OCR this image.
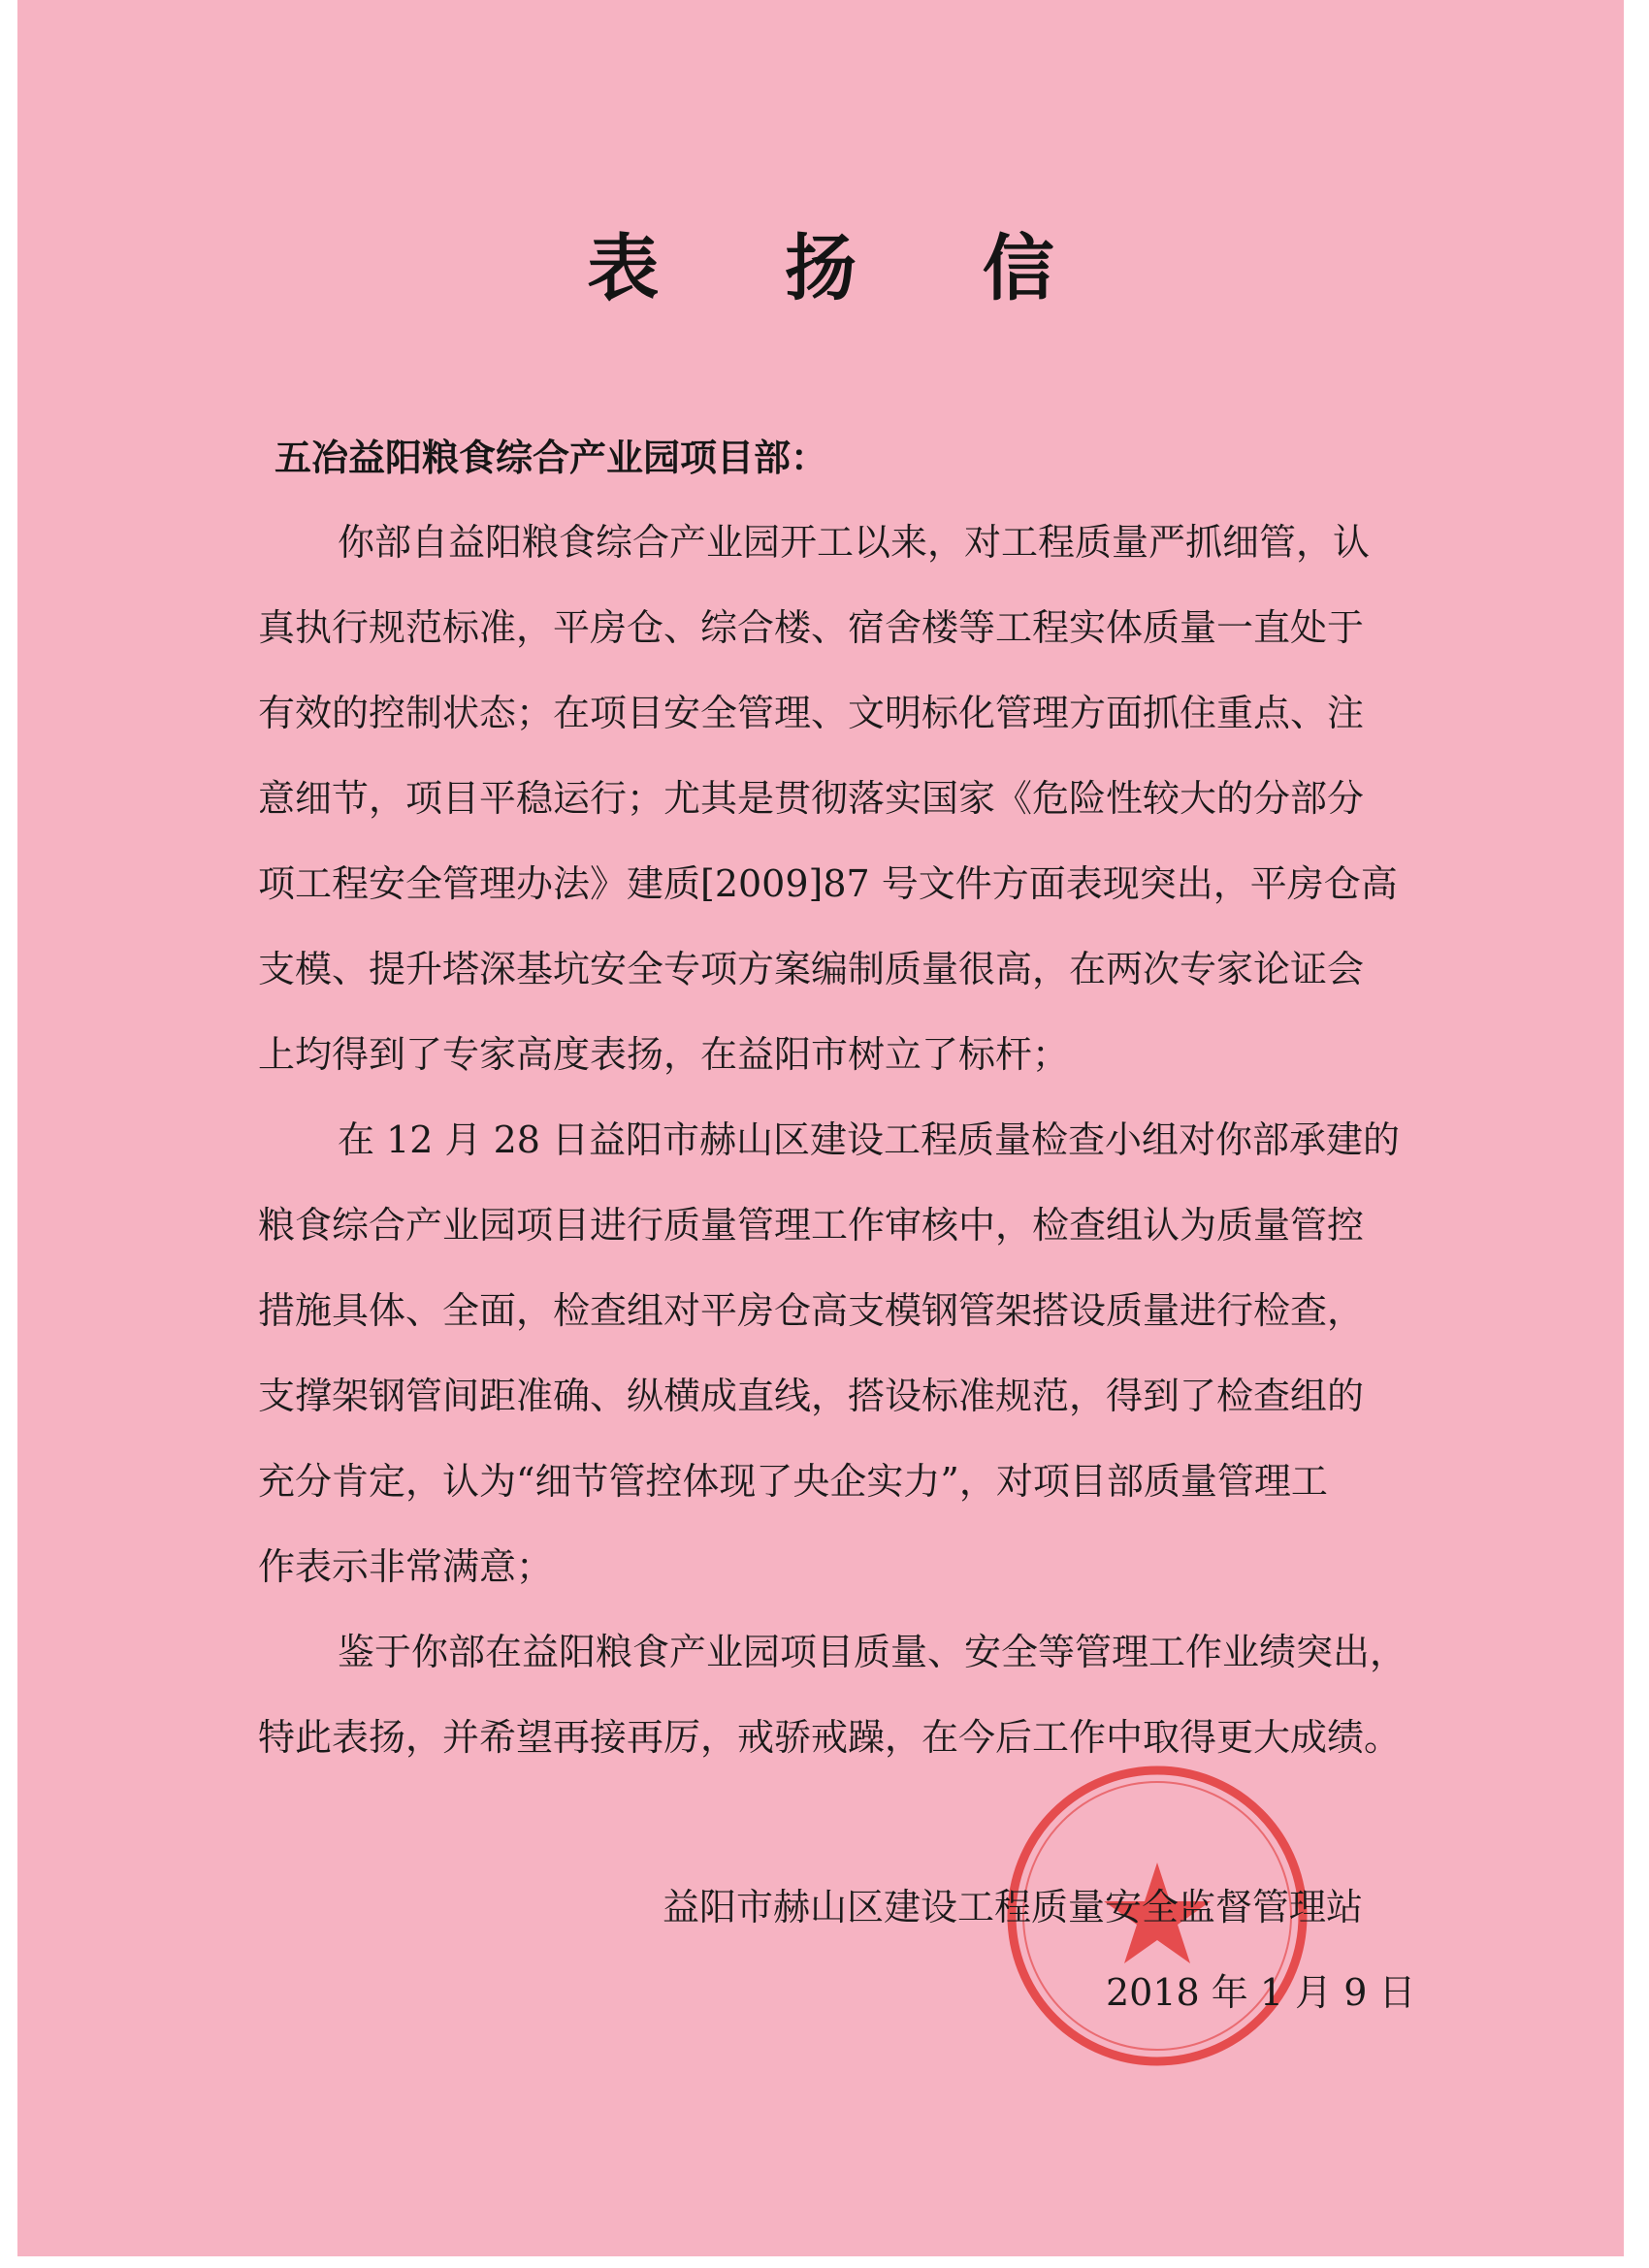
表 扬 信
五冶益阳粮食综合产业园项目部：
你部自益阳粮食综合产业园开工以来，对工程质量严抓细管，认
真执行规范标准，平房仓、综合楼、宿舍楼等工程实体质量一直处于
有效的控制状态；在项目安全管理、文明标化管理方面抓住重点、注
意细节，项目平稳运行；尤其是贯彻落实国家《危险性较大的分部分
项工程安全管理办法》建质[2009]87 号文件方面表现突出，平房仓高
支模、提升塔深基坑安全专项方案编制质量很高，在两次专家论证会
上均得到了专家高度表扬，在益阳市树立了标杆；
在 12 月 28 日益阳市赫山区建设工程质量检查小组对你部承建的
粮食综合产业园项目进行质量管理工作审核中，检查组认为质量管控
措施具体、全面，检查组对平房仓高支模钢管架搭设质量进行检查，
支撑架钢管间距准确、纵横成直线，搭设标准规范，得到了检查组的
充分肯定，认为“细节管控体现了央企实力”，对项目部质量管理工
作表示非常满意；
鉴于你部在益阳粮食产业园项目质量、安全等管理工作业绩突出，
特此表扬，并希望再接再厉，戒骄戒躁，在今后工作中取得更大成绩。
益阳市赫山区建设工程质量安全监督管理站
2018 年 1 月 9 日
